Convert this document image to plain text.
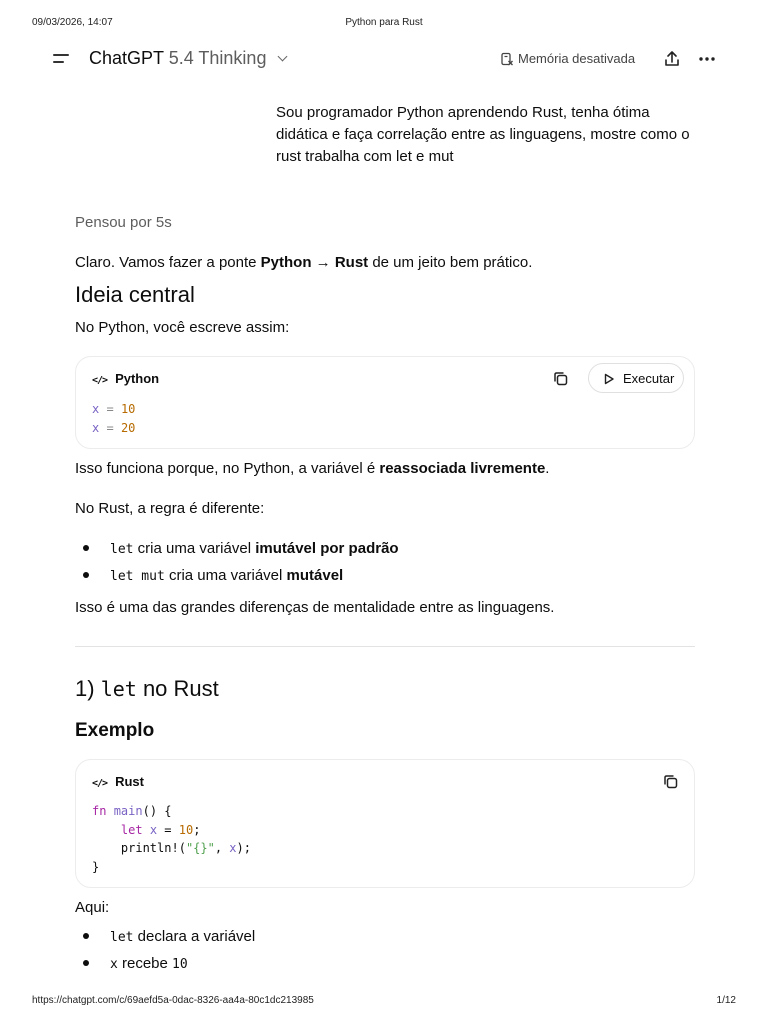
09/03/2026, 14:07	Python para Rust
https://chatgpt.com/c/69aefd5a-0dac-8326-aa4a-80c1dc213985	1/12
ChatGPT 5.4 Thinking	Memória desativada
Sou programador Python aprendendo Rust, tenha ótima didática e faça correlação entre as linguagens, mostre como o rust trabalha com let e mut
Pensou por 5s
Claro. Vamos fazer a ponte Python → Rust de um jeito bem prático.
Ideia central
No Python, você escreve assim:
</> Python	Executar
x = 10
x = 20
Isso funciona porque, no Python, a variável é reassociada livremente.
No Rust, a regra é diferente:
let cria uma variável imutável por padrão
let mut cria uma variável mutável
Isso é uma das grandes diferenças de mentalidade entre as linguagens.
1) let no Rust
Exemplo
</> Rust
fn main() {
let x = 10;
println!("{}", x);
}
Aqui:
let declara a variável
x recebe 10
